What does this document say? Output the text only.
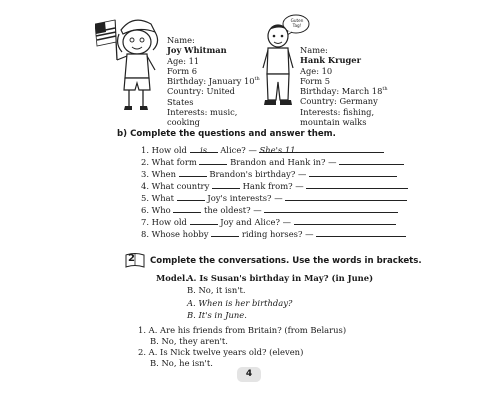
Name:
Joy Whitman
Age: 11
Form 6
Birthday: January 10th
Country: United
States
Interests: music,
cooking
Guten Tag!
Name:
Hank Kruger
Age: 10
Form 5
Birthday: March 18th
Country: Germany
Interests: fishing,
mountain walks
b) Complete the questions and answer them.
1. How old is Alice? — She's 11.
2. What form	Brandon and Hank in? —
3. When	Brandon's birthday? —
4. What country	Hank from? —
5. What	Joy's interests? —
6. Who	the oldest? —
7. How old	Joy and Alice? —
8. Whose hobby	riding horses? —
2 Complete the conversations. Use the words in brackets.
Model.
A. Is Susan's birthday in May? (in June)
B. No, it isn't.
A. When is her birthday?
B. It's in June.
1. A. Are his friends from Britain? (from Belarus)
B. No, they aren't.
2. A. Is Nick twelve years old? (eleven)
B. No, he isn't.
4
